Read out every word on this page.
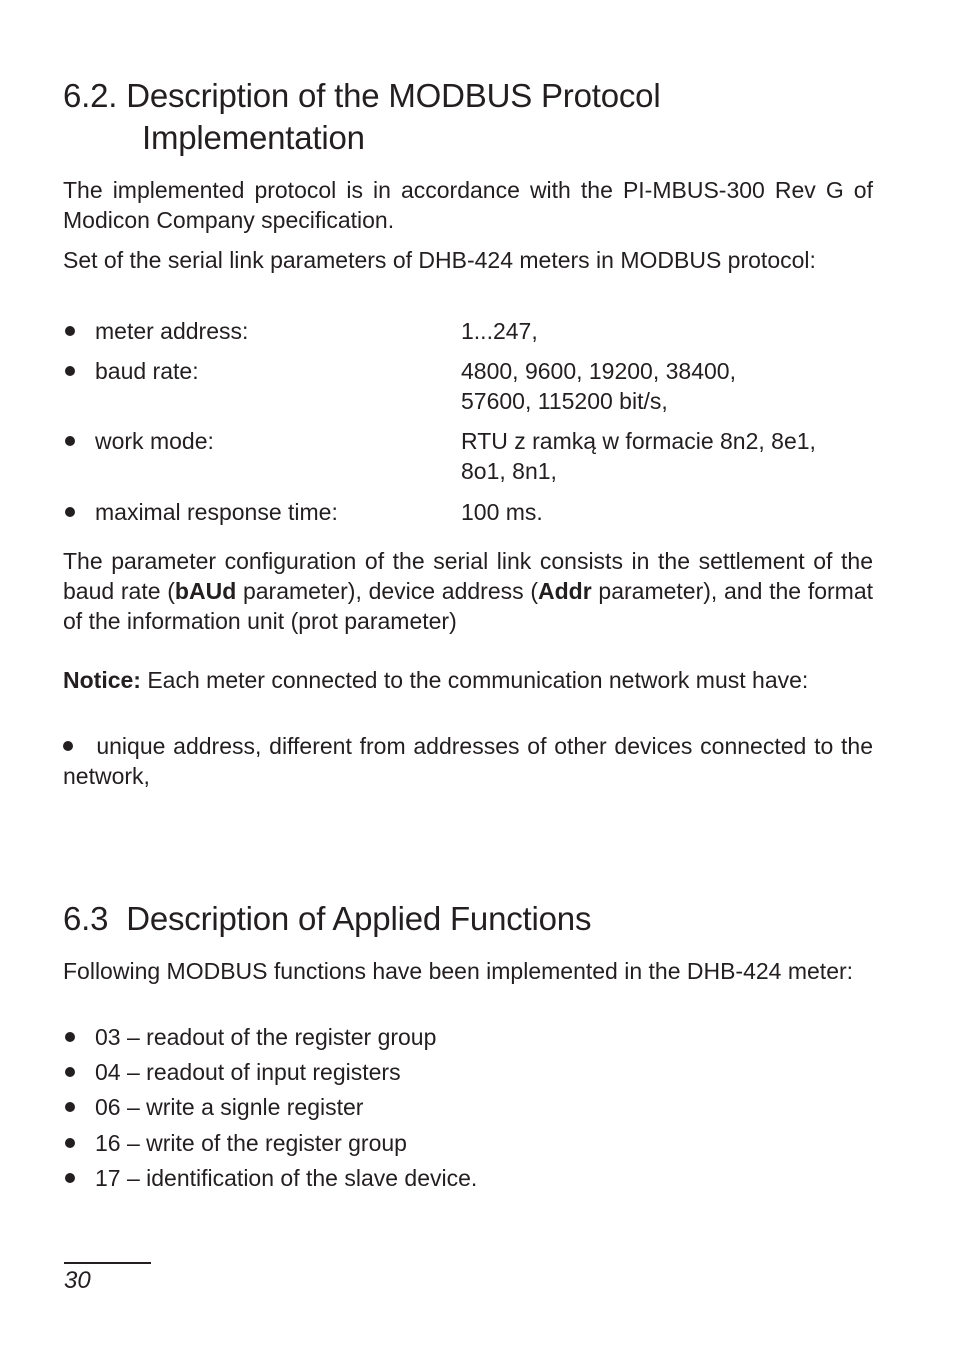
6.2. Description of the MODBUS Protocol
Implementation

The implemented protocol is in accordance with the PI-MBUS-300 Rev G of Modicon Company specification.

Set of the serial link parameters of DHB-424 meters in MODBUS protocol:

meter address:	1...247,
baud rate:	4800, 9600, 19200, 38400, 57600, 115200 bit/s,
work mode:	RTU z ramką w formacie 8n2, 8e1, 8o1, 8n1,
maximal response time:	100 ms.

The parameter configuration of the serial link consists in the settlement of the baud rate (bAUd parameter), device address (Addr parameter), and the format of the information unit (prot parameter)

Notice: Each meter connected to the communication network must have:

unique address, different from addresses of other devices connected to the network,

6.3 Description of Applied Functions

Following MODBUS functions have been implemented in the DHB-424 meter:

03 – readout of the register group
04 – readout of input registers
06 – write a signle register
16 – write of the register group
17 – identification of the slave device.
30
